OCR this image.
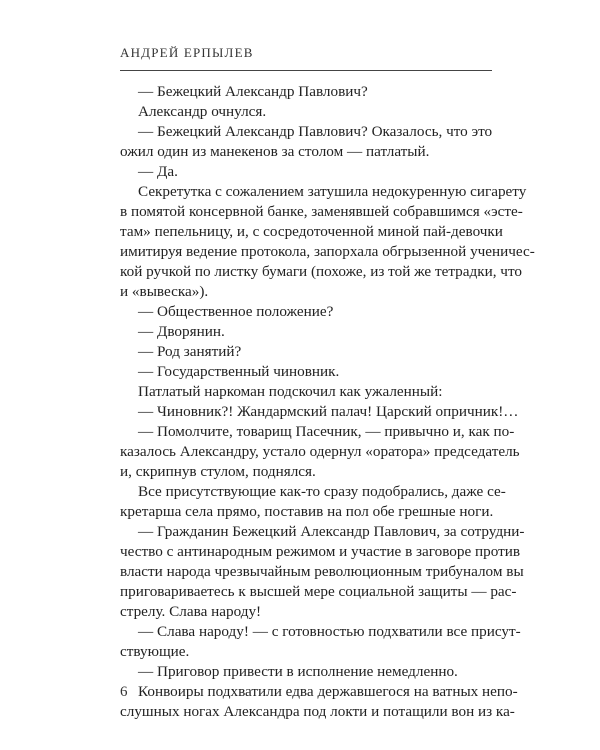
АНДРЕЙ ЕРПЫЛЕВ
— Бежецкий Александр Павлович?
Александр очнулся.
— Бежецкий Александр Павлович? Оказалось, что это
ожил один из манекенов за столом — патлатый.
— Да.
Секретутка с сожалением затушила недокуренную сигарету
в помятой консервной банке, заменявшей собравшимся «эсте-
там» пепельницу, и, с сосредоточенной миной пай-девочки
имитируя ведение протокола, запорхала обгрызенной ученичес-
кой ручкой по листку бумаги (похоже, из той же тетрадки, что
и «вывеска»).
— Общественное положение?
— Дворянин.
— Род занятий?
— Государственный чиновник.
Патлатый наркоман подскочил как ужаленный:
— Чиновник?! Жандармский палач! Царский опричник!…
— Помолчите, товарищ Пасечник, — привычно и, как по-
казалось Александру, устало одернул «оратора» председатель
и, скрипнув стулом, поднялся.
Все присутствующие как-то сразу подобрались, даже се-
кретарша села прямо, поставив на пол обе грешные ноги.
— Гражданин Бежецкий Александр Павлович, за сотрудни-
чество с антинародным режимом и участие в заговоре против
власти народа чрезвычайным революционным трибуналом вы
приговариваетесь к высшей мере социальной защиты — рас-
стрелу. Слава народу!
— Слава народу! — с готовностью подхватили все присут-
ствующие.
— Приговор привести в исполнение немедленно.
Конвоиры подхватили едва державшегося на ватных непо-
слушных ногах Александра под локти и потащили вон из ка-
6
